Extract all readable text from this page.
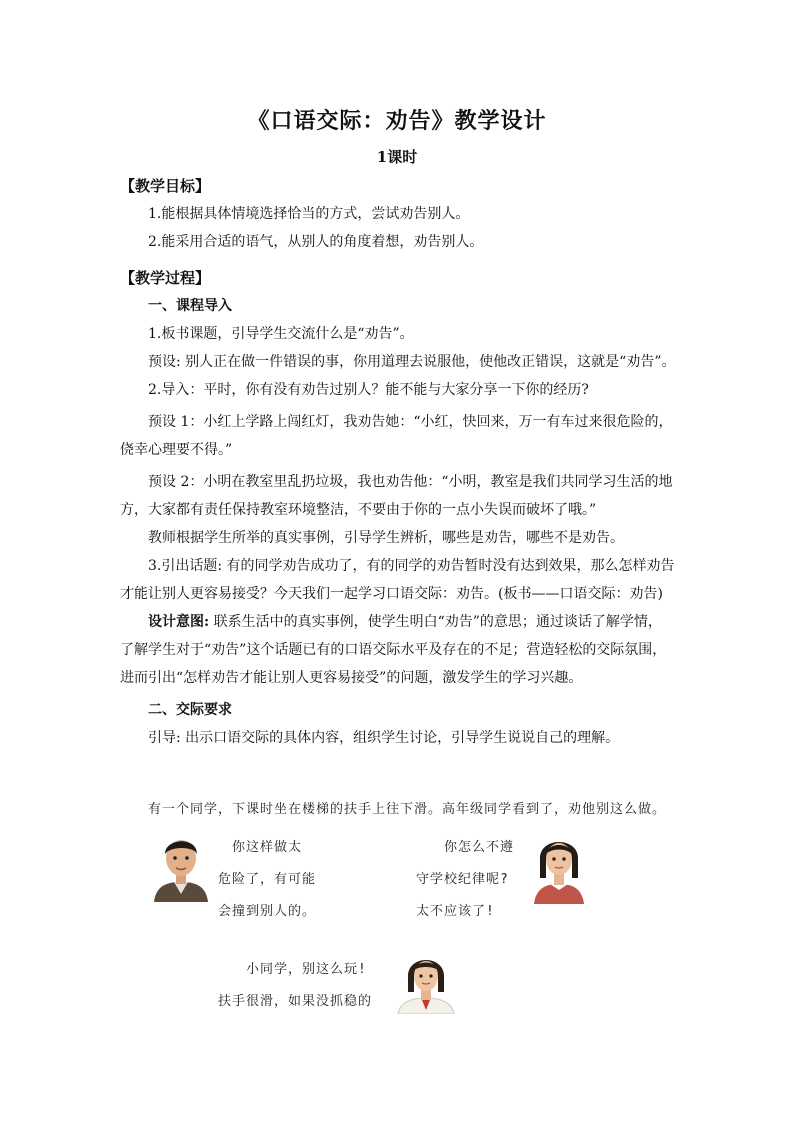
《口语交际：劝告》教学设计
1课时
【教学目标】

1.能根据具体情境选择恰当的方式，尝试劝告别人。

2.能采用合适的语气，从别人的角度着想，劝告别人。

【教学过程】

一、课程导入

1.板书课题，引导学生交流什么是“劝告”。

预设: 别人正在做一件错误的事，你用道理去说服他，使他改正错误，这就是“劝告”。

2.导入：平时，你有没有劝告过别人？能不能与大家分享一下你的经历?

预设 1：小红上学路上闯红灯，我劝告她：“小红，快回来，万一有车过来很危险的，

侥幸心理要不得。”

预设 2：小明在教室里乱扔垃圾，我也劝告他：“小明，教室是我们共同学习生活的地

方，大家都有责任保持教室环境整洁，不要由于你的一点小失误而破坏了哦。”

教师根据学生所举的真实事例，引导学生辨析，哪些是劝告，哪些不是劝告。

3.引出话题: 有的同学劝告成功了，有的同学的劝告暂时没有达到效果，那么怎样劝告

才能让别人更容易接受？今天我们一起学习口语交际：劝告。(板书——口语交际：劝告)

设计意图: 联系生活中的真实事例，使学生明白“劝告”的意思；通过谈话了解学情，

了解学生对于“劝告”这个话题已有的口语交际水平及存在的不足；营造轻松的交际氛围，

进而引出“怎样劝告才能让别人更容易接受”的问题，激发学生的学习兴趣。

二、交际要求

引导: 出示口语交际的具体内容，组织学生讨论，引导学生说说自己的理解。

有一个同学，下课时坐在楼梯的扶手上往下滑。高年级同学看到了，劝他别这么做。
你这样做太
危险了，有可能
会撞到别人的。
你怎么不遵
守学校纪律呢?
太不应该了!
小同学，别这么玩!
扶手很滑，如果没抓稳的
